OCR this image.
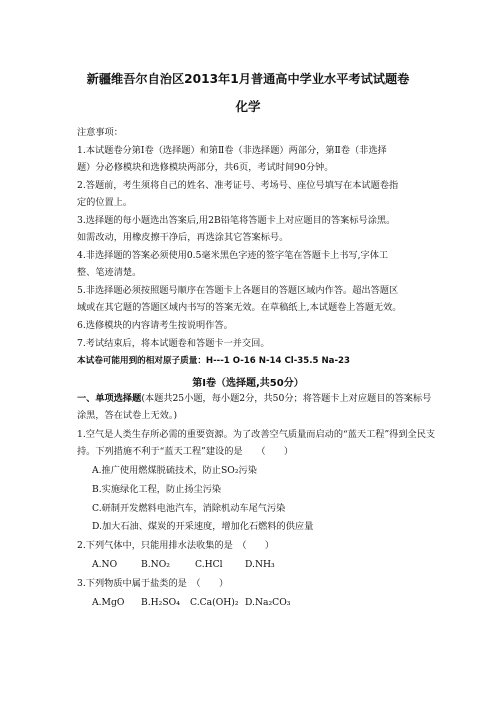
新疆维吾尔自治区2013年1月普通高中学业水平考试试题卷
化学
注意事项：
1.本试题卷分第Ⅰ卷（选择题）和第Ⅱ卷（非选择题）两部分，第Ⅱ卷（非选择
题）分必修模块和选修模块两部分，共6页，考试时间90分钟。
2.答题前，考生须将自己的姓名、准考证号、考场号、座位号填写在本试题卷指
定的位置上。
3.选择题的每小题选出答案后,用2B铅笔将答题卡上对应题目的答案标号涂黑。
如需改动，用橡皮擦干净后，再选涂其它答案标号。
4.非选择题的答案必须使用0.5毫米黑色字迹的签字笔在答题卡上书写,字体工
整、笔迹清楚。
5.非选择题必须按照题号顺序在答题卡上各题目的答题区域内作答。超出答题区
域或在其它题的答题区域内书写的答案无效。在草稿纸上,本试题卷上答题无效。
6.选修模块的内容请考生按说明作答。
7.考试结束后，将本试题卷和答题卡一并交回。
本试卷可能用到的相对原子质量：H---1 O-16 N-14 Cl-35.5 Na-23
第Ⅰ卷（选择题,共50分）
一、单项选择题(本题共25小题，每小题2分，共50分；将答题卡上对应题目的答案标号
涂黑，答在试卷上无效。)
1.空气是人类生存所必需的重要资源。为了改善空气质量而启动的“蓝天工程”得到全民支
持。下列措施不利于“蓝天工程”建设的是　　（　　）
A.推广使用燃煤脱硫技术，防止SO₂污染
B.实施绿化工程，防止扬尘污染
C.研制开发燃料电池汽车，消除机动车尾气污染
D.加大石油、煤炭的开采速度，增加化石燃料的供应量
2.下列气体中，只能用排水法收集的是　（　　）
A.NO	B.NO₂	C.HCl D.NH₃
3.下列物质中属于盐类的是　（　　）
A.MgO B.H₂SO₄ C.Ca(OH)₂ D.Na₂CO₃
